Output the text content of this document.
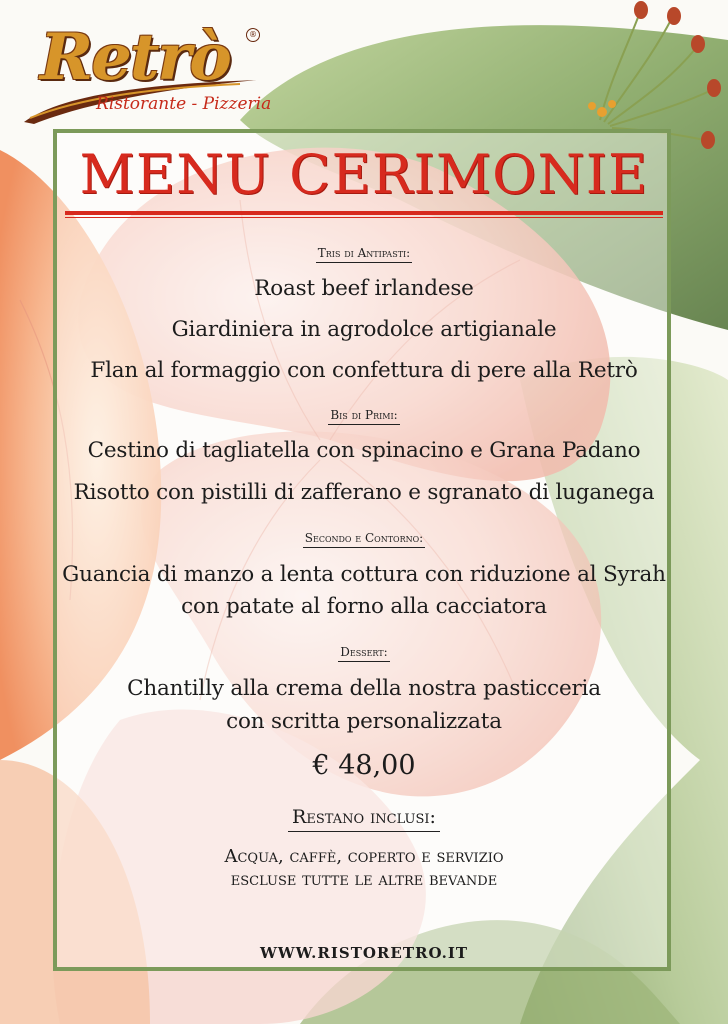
Retrò	®
Ristorante - Pizzeria
MENU CERIMONIE
Tris di Antipasti:
Roast beef irlandese
Giardiniera in agrodolce artigianale
Flan al formaggio con confettura di pere alla Retrò
Bis di Primi:
Cestino di tagliatella con spinacino e Grana Padano
Risotto con pistilli di zafferano e sgranato di luganega
Secondo e Contorno:
Guancia di manzo a lenta cottura con riduzione al Syrah
con patate al forno alla cacciatora
Dessert:
Chantilly alla crema della nostra pasticceria
con scritta personalizzata
€ 48,00
Restano inclusi:
Acqua, caffè, coperto e servizio
escluse tutte le altre bevande
WWW.RISTORETRO.IT
